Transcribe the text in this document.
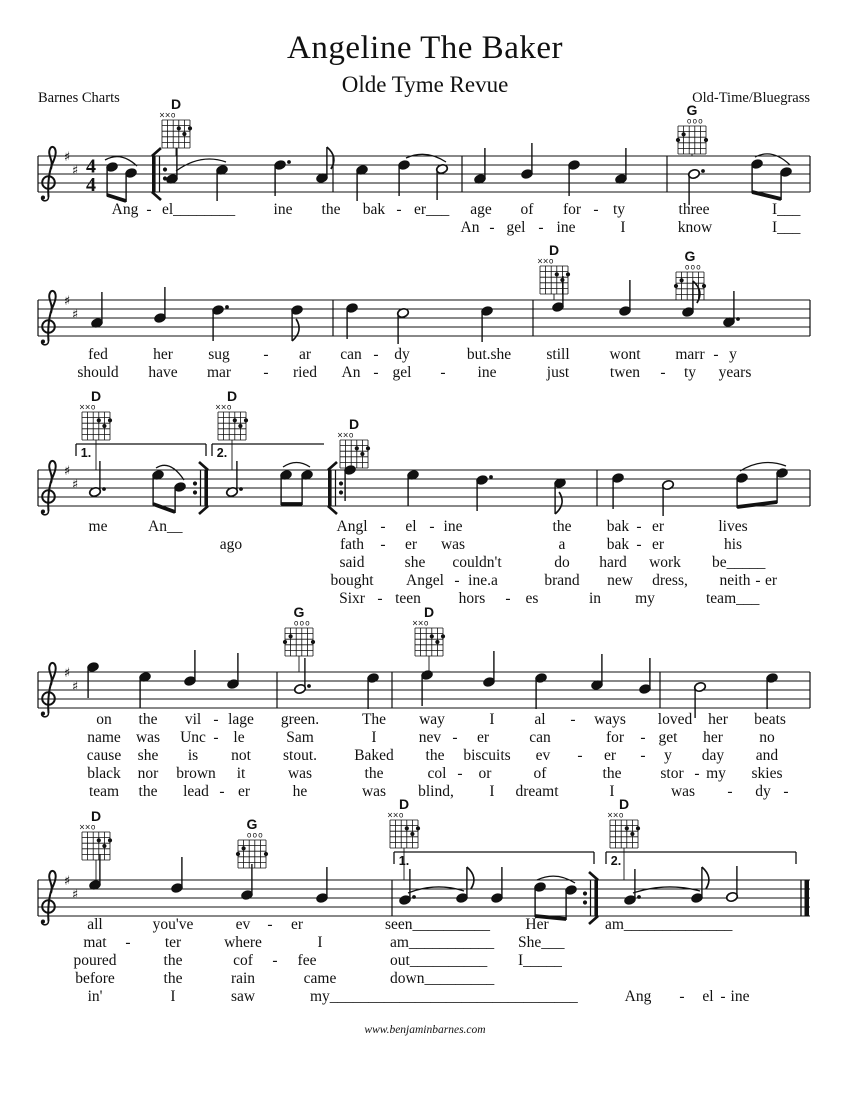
Angeline The Baker
Olde Tyme Revue
Barnes Charts	Old-Time/Bluegrass
♯
♯ 4
4
D
× × o	G
o o o
♯
♯
D
× × o	G
o o o
♯
♯
D
× × o
D
× × o
D
× × o
1.	2.
♯
♯
G
o o o
D
× × o
♯
♯
D
× × o	G
o o o
D
× × o
D
× × o
1.	2.
Ang - el________ ine the bak - er___ age of for - ty	three	I___
An - gel - ine	I	know	I___
fed	her sug - ar can - dy	but.she still	wont marr - y
should have mar - ried An - gel - ine	just	twen - ty years
me	An__	Angl - el - ine	the bak - er	lives
ago	fath - er was	a	bak - er	his
said	she couldn't	do hard work be_____
bought Angel - ine.a	brand new dress, neith - er
Sixr - teen hors - es	in my	team___
on the vil - lage green.	The way	I	al - ways loved her beats
name was Unc - le	Sam	I	nev - er	can	for - get her no
cause she is not stout. Baked the biscuits ev - er - y day and
black nor brown it	was	the	col - or	of	the	stor - my skies
team the lead - er	he	was blind, I dreamt	I	was - dy -
all	you've	ev - er	seen__________ Her	am______________
mat - ter	where	I	am___________ She___
poured	the	cof - fee	out__________ I_____
before	the	rain	came	down_________
in'	I	saw	my________________________________	Ang - el - ine
www.benjaminbarnes.com
